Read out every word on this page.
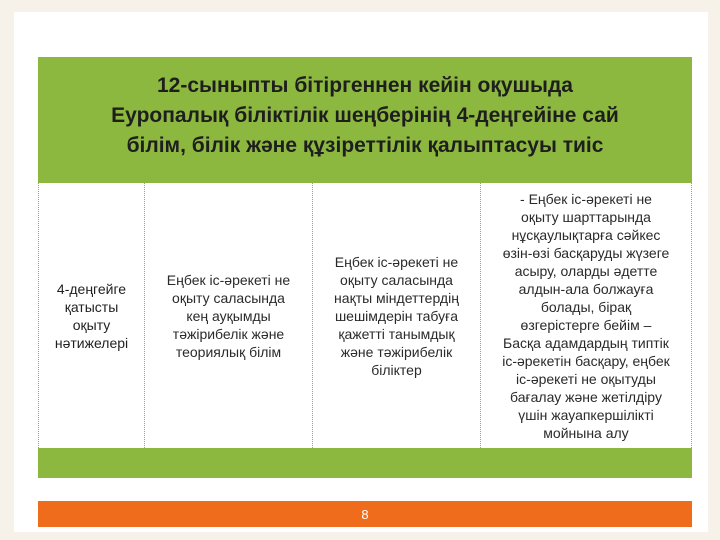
12-сыныпты бітіргеннен кейін оқушыда
Еуропалық біліктілік шеңберінің 4-деңгейіне сай
білім, білік және құзіреттілік қалыптасуы тиіс
4-деңгейге
қатысты
оқыту
нәтижелері
Еңбек іс-әрекеті не
оқыту саласында
кең ауқымды
тәжірибелік және
теориялық білім
Еңбек іс-әрекеті не
оқыту саласында
нақты міндеттердің
шешімдерін табуға
қажетті танымдық
және тәжірибелік
біліктер
- Еңбек іс-әрекеті не
оқыту шарттарында
нұсқаулықтарға сәйкес
өзін-өзі басқаруды жүзеге
асыру, оларды әдетте
алдын-ала болжауға
болады, бірақ
өзгерістерге бейім –
Басқа адамдардың типтік
іс-әрекетін басқару, еңбек
іс-әрекеті не оқытуды
бағалау және жетілдіру
үшін жауапкершілікті
мойнына алу
8
